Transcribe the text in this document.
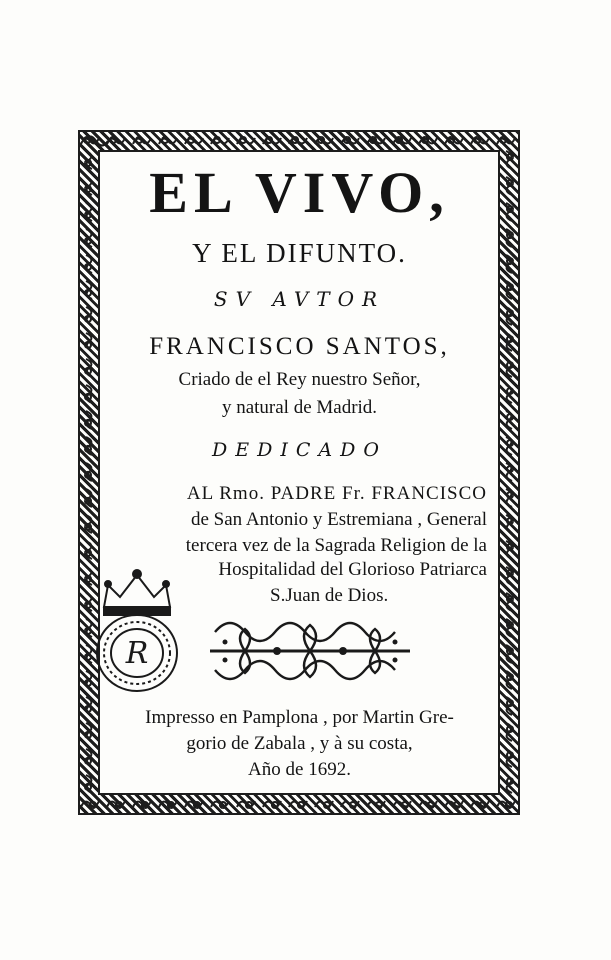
EL VIVO,
Y EL DIFUNTO.
SV AVTOR
FRANCISCO SANTOS,
Criado de el Rey nuestro Señor,
y natural de Madrid.
DEDICADO
AL Rmo. PADRE Fr. FRANCISCO
de San Antonio y Estremiana , General
tercera vez de la Sagrada Religion de la
Hospitalidad del Glorioso Patriarca
S.Juan de Dios.
R
Impresso en Pamplona , por Martin Gre-
gorio de Zabala , y à su costa,
Año de 1692.
